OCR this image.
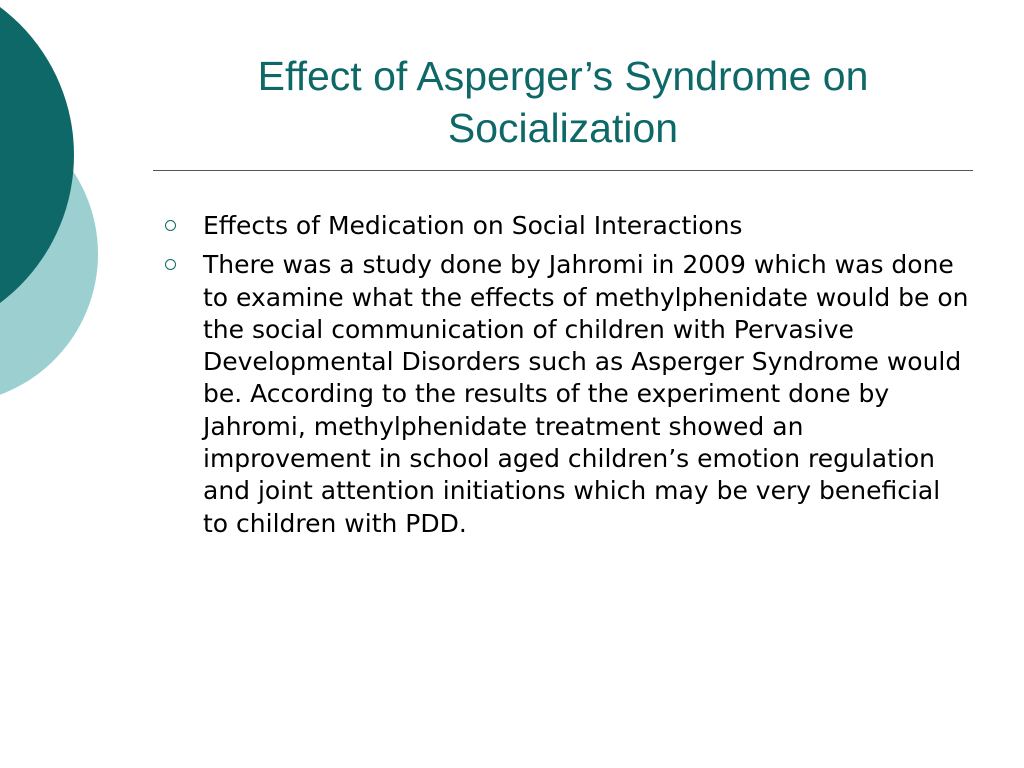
Effect of Asperger’s Syndrome on
Socialization
Effects of Medication on Social Interactions
There was a study done by Jahromi in 2009 which was done to examine what the effects of methylphenidate would be on the social communication of children with Pervasive Developmental Disorders such as Asperger Syndrome would be. According to the results of the experiment done by Jahromi, methylphenidate treatment showed an improvement in school aged children’s emotion regulation and joint attention initiations which may be very beneficial to children with PDD.
